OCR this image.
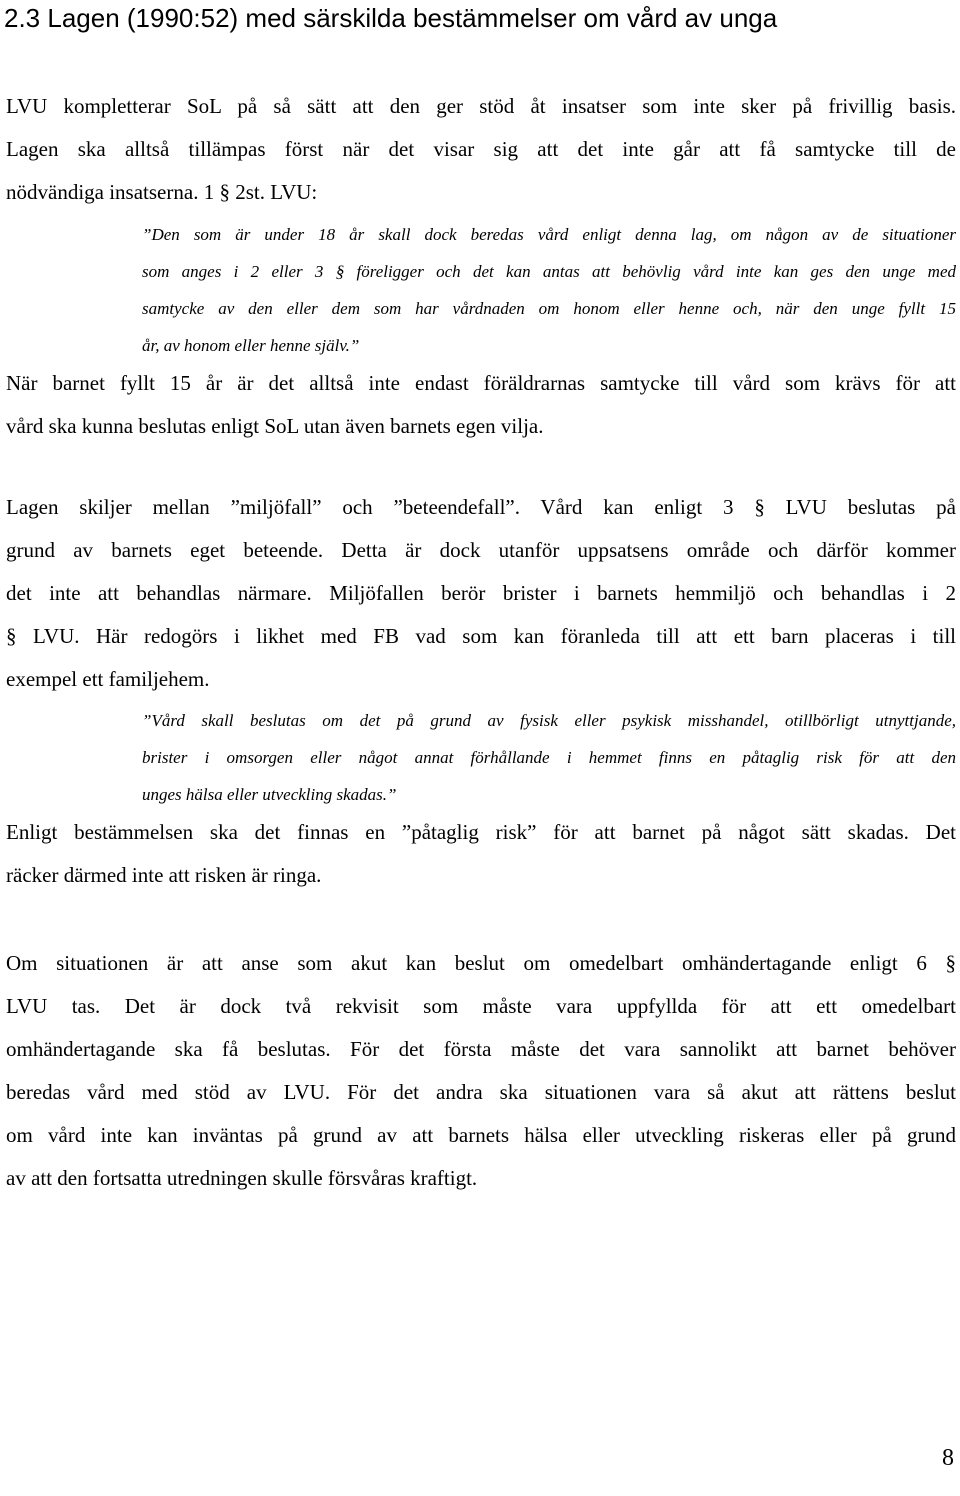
2.3 Lagen (1990:52) med särskilda bestämmelser om vård av unga

LVU kompletterar SoL på så sätt att den ger stöd åt insatser som inte sker på frivillig basis.
Lagen ska alltså tillämpas först när det visar sig att det inte går att få samtycke till de
nödvändiga insatserna. 1 § 2st. LVU:

”Den som är under 18 år skall dock beredas vård enligt denna lag, om någon av de situationer
som anges i 2 eller 3 § föreligger och det kan antas att behövlig vård inte kan ges den unge med
samtycke av den eller dem som har vårdnaden om honom eller henne och, när den unge fyllt 15
år, av honom eller henne själv.”

När barnet fyllt 15 år är det alltså inte endast föräldrarnas samtycke till vård som krävs för att
vård ska kunna beslutas enligt SoL utan även barnets egen vilja.

Lagen skiljer mellan ”miljöfall” och ”beteendefall”. Vård kan enligt 3 § LVU beslutas på
grund av barnets eget beteende. Detta är dock utanför uppsatsens område och därför kommer
det inte att behandlas närmare. Miljöfallen berör brister i barnets hemmiljö och behandlas i 2
§ LVU. Här redogörs i likhet med FB vad som kan föranleda till att ett barn placeras i till
exempel ett familjehem.

”Vård skall beslutas om det på grund av fysisk eller psykisk misshandel, otillbörligt utnyttjande,
brister i omsorgen eller något annat förhållande i hemmet finns en påtaglig risk för att den
unges hälsa eller utveckling skadas.”

Enligt bestämmelsen ska det finnas en ”påtaglig risk” för att barnet på något sätt skadas. Det
räcker därmed inte att risken är ringa.

Om situationen är att anse som akut kan beslut om omedelbart omhändertagande enligt 6 §
LVU tas. Det är dock två rekvisit som måste vara uppfyllda för att ett omedelbart
omhändertagande ska få beslutas. För det första måste det vara sannolikt att barnet behöver
beredas vård med stöd av LVU. För det andra ska situationen vara så akut att rättens beslut
om vård inte kan inväntas på grund av att barnets hälsa eller utveckling riskeras eller på grund
av att den fortsatta utredningen skulle försvåras kraftigt.

8
